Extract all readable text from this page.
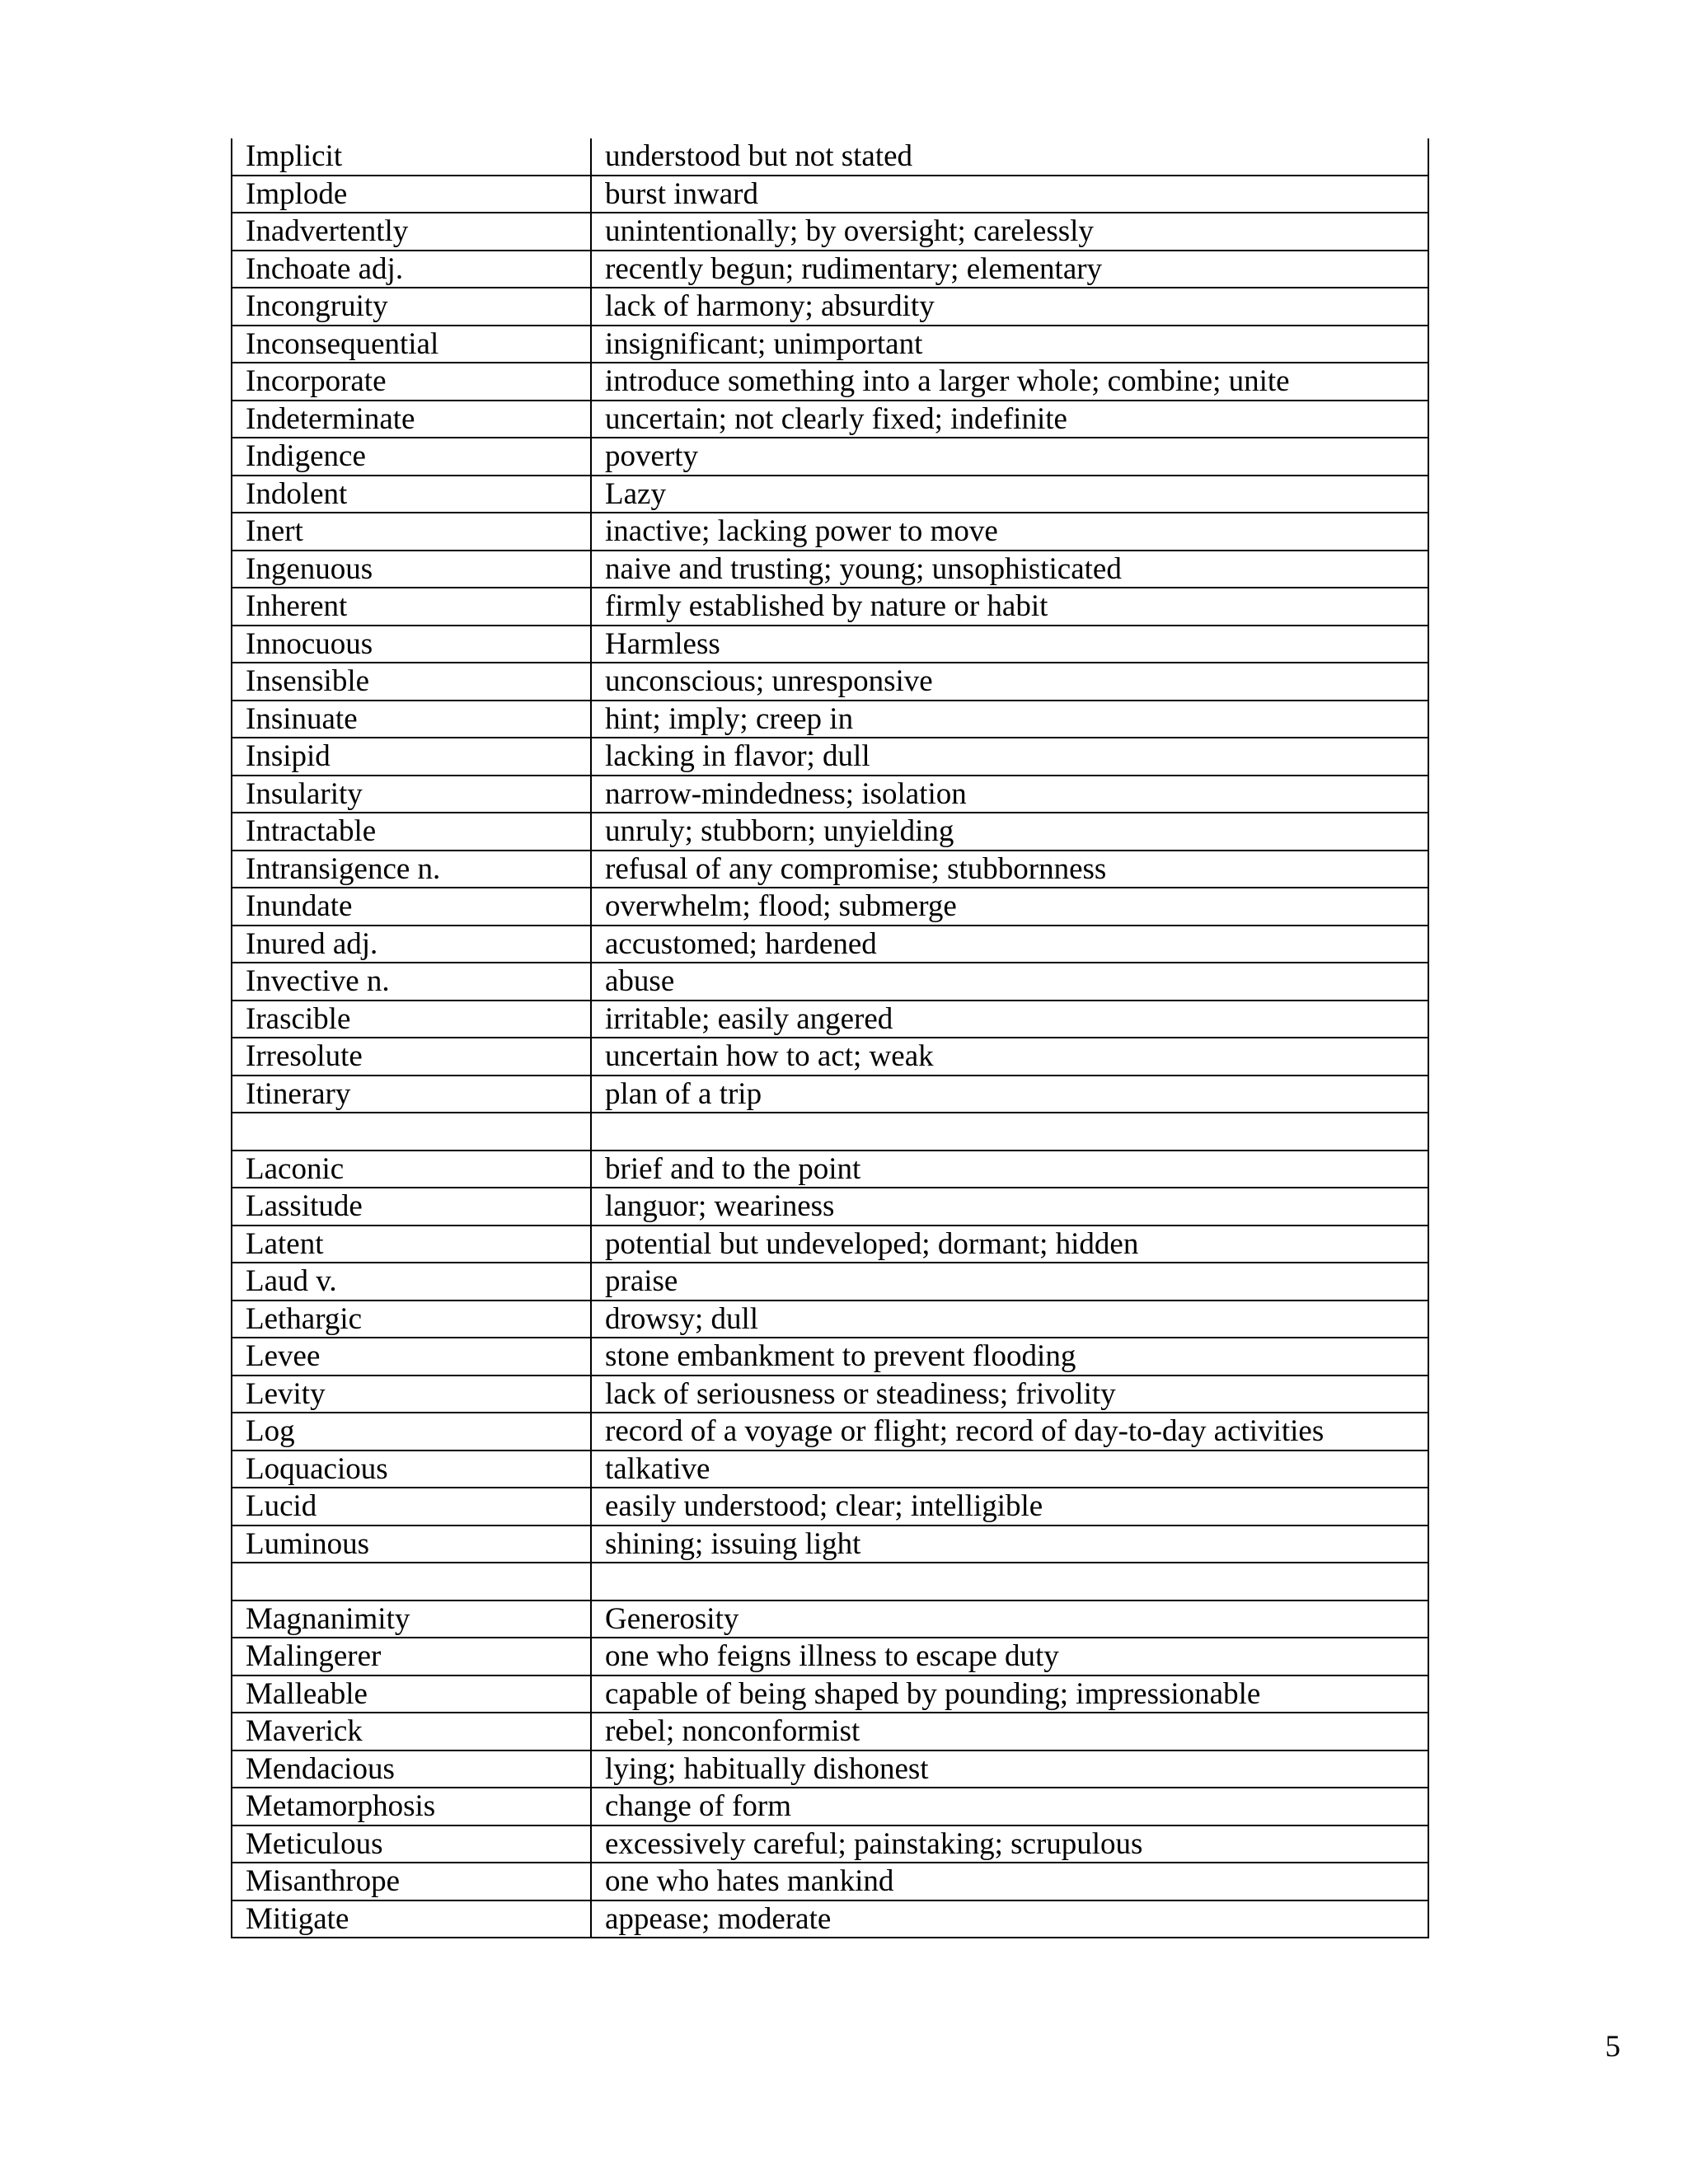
Implicit	understood but not stated
Implode	burst inward
Inadvertently	unintentionally; by oversight; carelessly
Inchoate adj.	recently begun; rudimentary; elementary
Incongruity	lack of harmony; absurdity
Inconsequential	insignificant; unimportant
Incorporate	introduce something into a larger whole; combine; unite
Indeterminate	uncertain; not clearly fixed; indefinite
Indigence	poverty
Indolent	Lazy
Inert	inactive; lacking power to move
Ingenuous	naive and trusting; young; unsophisticated
Inherent	firmly established by nature or habit
Innocuous	Harmless
Insensible	unconscious; unresponsive
Insinuate	hint; imply; creep in
Insipid	lacking in flavor; dull
Insularity	narrow-mindedness; isolation
Intractable	unruly; stubborn; unyielding
Intransigence n.	refusal of any compromise; stubbornness
Inundate	overwhelm; flood; submerge
Inured adj.	accustomed; hardened
Invective n.	abuse
Irascible	irritable; easily angered
Irresolute	uncertain how to act; weak
Itinerary	plan of a trip

Laconic	brief and to the point
Lassitude	languor; weariness
Latent	potential but undeveloped; dormant; hidden
Laud v.	praise
Lethargic	drowsy; dull
Levee	stone embankment to prevent flooding
Levity	lack of seriousness or steadiness; frivolity
Log	record of a voyage or flight; record of day-to-day activities
Loquacious	talkative
Lucid	easily understood; clear; intelligible
Luminous	shining; issuing light

Magnanimity	Generosity
Malingerer	one who feigns illness to escape duty
Malleable	capable of being shaped by pounding; impressionable
Maverick	rebel; nonconformist
Mendacious	lying; habitually dishonest
Metamorphosis	change of form
Meticulous	excessively careful; painstaking; scrupulous
Misanthrope	one who hates mankind
Mitigate	appease; moderate
5
